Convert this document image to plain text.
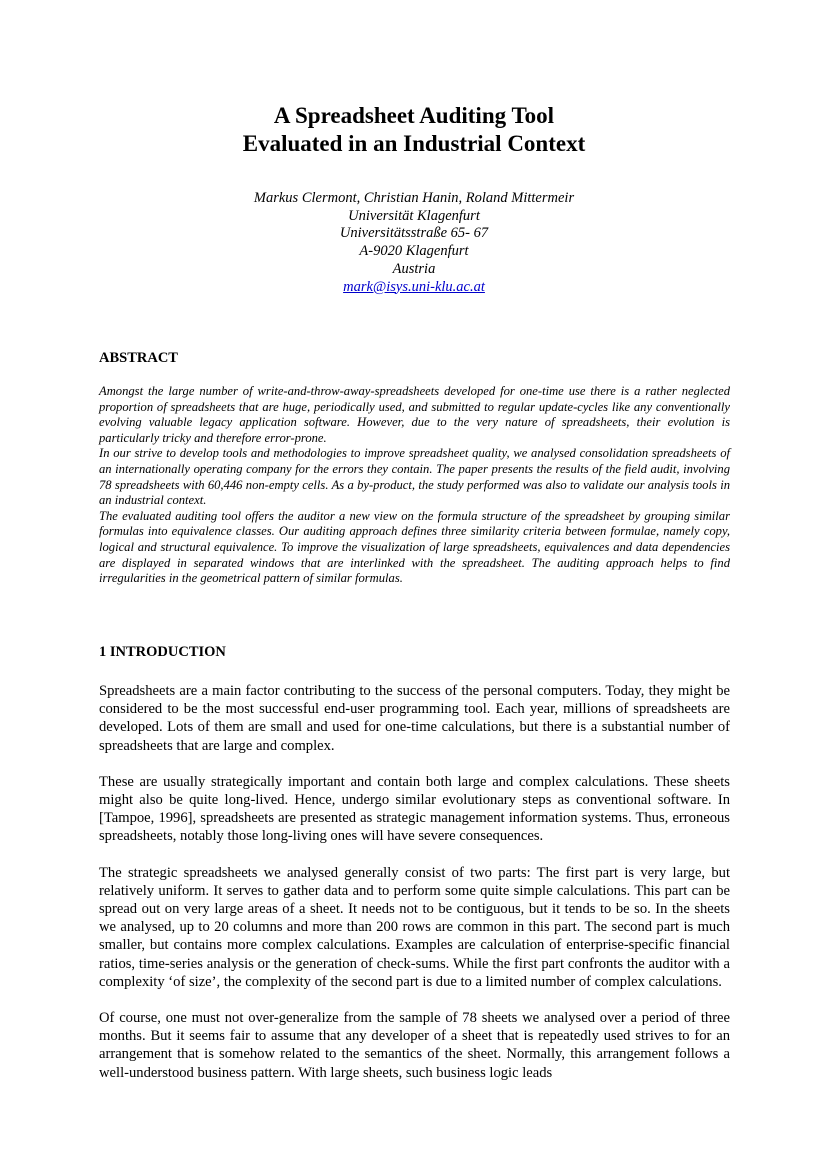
A Spreadsheet Auditing Tool
Evaluated in an Industrial Context
Markus Clermont, Christian Hanin, Roland Mittermeir
Universität Klagenfurt
Universitätsstraße 65- 67
A-9020 Klagenfurt
Austria
mark@isys.uni-klu.ac.at
ABSTRACT

Amongst the large number of write-and-throw-away-spreadsheets developed for one-time use there is a rather neglected proportion of spreadsheets that are huge, periodically used, and submitted to regular update-cycles like any conventionally evolving valuable legacy application software. However, due to the very nature of spreadsheets, their evolution is particularly tricky and therefore error-prone.

In our strive to develop tools and methodologies to improve spreadsheet quality, we analysed consolidation spreadsheets of an internationally operating company for the errors they contain. The paper presents the results of the field audit, involving 78 spreadsheets with 60,446 non-empty cells. As a by-product, the study performed was also to validate our analysis tools in an industrial context.

The evaluated auditing tool offers the auditor a new view on the formula structure of the spreadsheet by grouping similar formulas into equivalence classes. Our auditing approach defines three similarity criteria between formulae, namely copy, logical and structural equivalence. To improve the visualization of large spreadsheets, equivalences and data dependencies are displayed in separated windows that are interlinked with the spreadsheet. The auditing approach helps to find irregularities in the geometrical pattern of similar formulas.

1 INTRODUCTION

Spreadsheets are a main factor contributing to the success of the personal computers. Today, they might be considered to be the most successful end-user programming tool. Each year, millions of spreadsheets are developed. Lots of them are small and used for one-time calculations, but there is a substantial number of spreadsheets that are large and complex.

These are usually strategically important and contain both large and complex calculations. These sheets might also be quite long-lived. Hence, undergo similar evolutionary steps as conventional software. In [Tampoe, 1996], spreadsheets are presented as strategic management information systems. Thus, erroneous spreadsheets, notably those long-living ones will have severe consequences.

The strategic spreadsheets we analysed generally consist of two parts: The first part is very large, but relatively uniform. It serves to gather data and to perform some quite simple calculations. This part can be spread out on very large areas of a sheet. It needs not to be contiguous, but it tends to be so. In the sheets we analysed, up to 20 columns and more than 200 rows are common in this part. The second part is much smaller, but contains more complex calculations. Examples are calculation of enterprise-specific financial ratios, time-series analysis or the generation of check-sums. While the first part confronts the auditor with a complexity ‘of size’, the complexity of the second part is due to a limited number of complex calculations.

Of course, one must not over-generalize from the sample of 78 sheets we analysed over a period of three months. But it seems fair to assume that any developer of a sheet that is repeatedly used strives to for an arrangement that is somehow related to the semantics of the sheet. Normally, this arrangement follows a well-understood business pattern. With large sheets, such business logic leads
